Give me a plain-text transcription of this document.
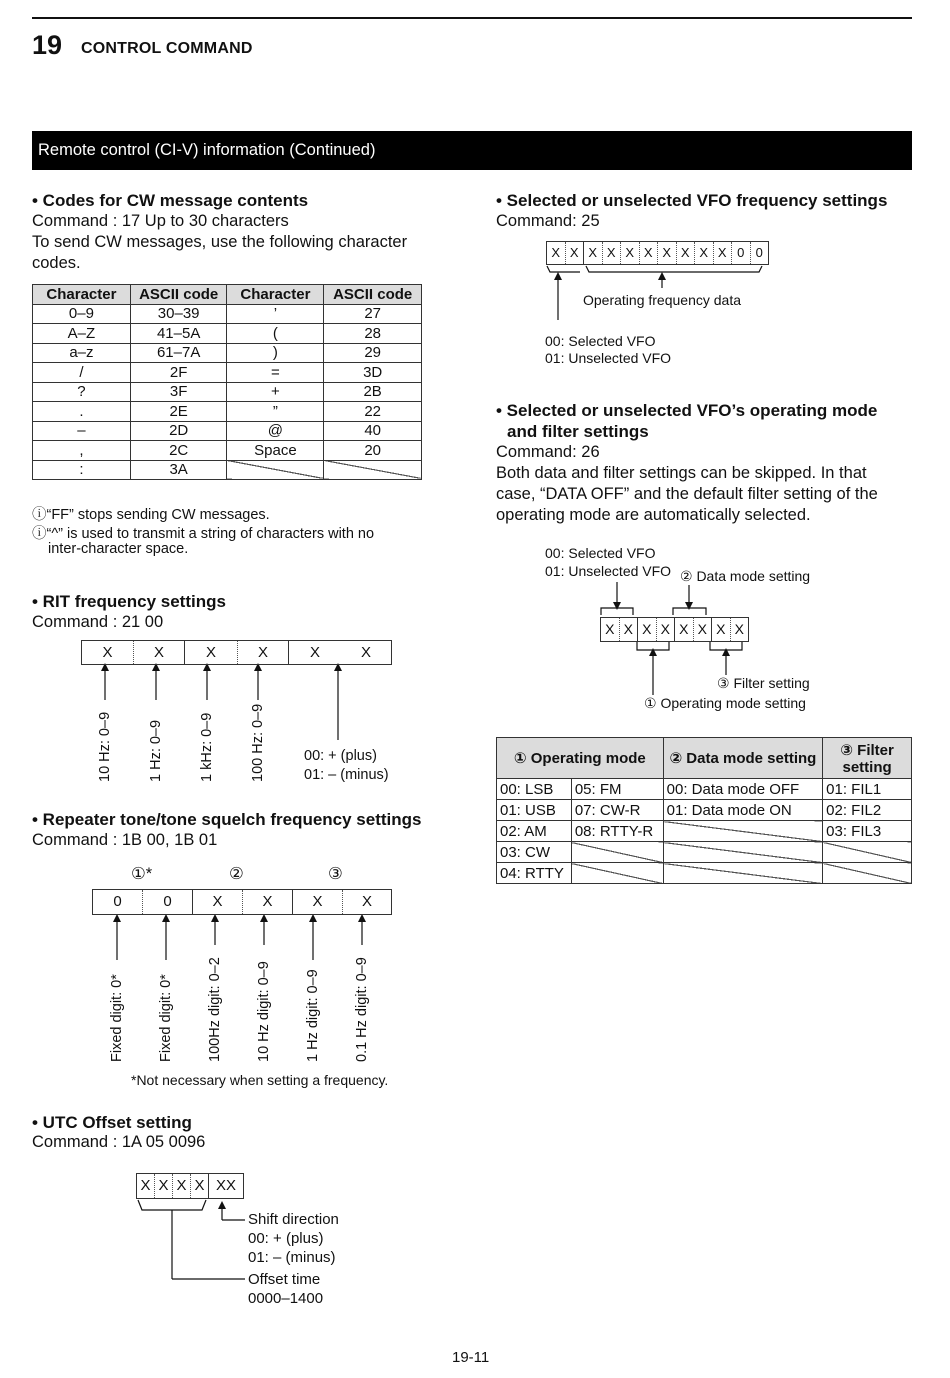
19 CONTROL COMMAND
Remote control (CI-V) information (Continued)
• Codes for CW message contents
Command : 17 Up to 30 characters
To send CW messages, use the following character
codes.
Character	ASCII code	Character	ASCII code
0–9	30–39	’	27
A–Z	41–5A	(	28
a–z	61–7A	)	29
/	2F	=	3D
?	3F	+	2B
.	2E	”	22
–	2D	@	40
,	2C	Space	20
:	3A		
ⓘ“FF” stops sending CW messages.
ⓘ“^” is used to transmit a string of characters with no
inter-character space.
• RIT frequency settings
Command : 21 00
X	X	X	X	X	X
10 Hz: 0–9 1 Hz: 0–9 1 kHz: 0–9 100 Hz: 0–9	00: + (plus)
01: – (minus)
• Repeater tone/tone squelch frequency settings
Command : 1B 00, 1B 01
①*	②	③
0	0	X	X	X	X
Fixed digit: 0* Fixed digit: 0* 100Hz digit: 0–2 10 Hz digit: 0–9 1 Hz digit: 0–9 0.1 Hz digit: 0–9
*Not necessary when setting a frequency.
• UTC Offset setting
Command : 1A 05 0096
X X X X XX
Shift direction
00: + (plus)
01: – (minus)
Offset time
0000–1400
• Selected or unselected VFO frequency settings
Command: 25
X X X X X X X X X X 0 0
Operating frequency data
00: Selected VFO
01: Unselected VFO
• Selected or unselected VFO’s operating mode
and filter settings
Command: 26
Both data and filter settings can be skipped. In that
case, “DATA OFF” and the default filter setting of the
operating mode are automatically selected.
00: Selected VFO
01: Unselected VFO ② Data mode setting
X X X X X X X X
③ Filter setting
① Operating mode setting
① Operating mode		② Data mode setting	③ Filter setting
00: LSB	05: FM	00: Data mode OFF	01: FIL1
01: USB	07: CW-R	01: Data mode ON	02: FIL2
02: AM	08: RTTY-R		03: FIL3
03: CW			
04: RTTY			
19-11
